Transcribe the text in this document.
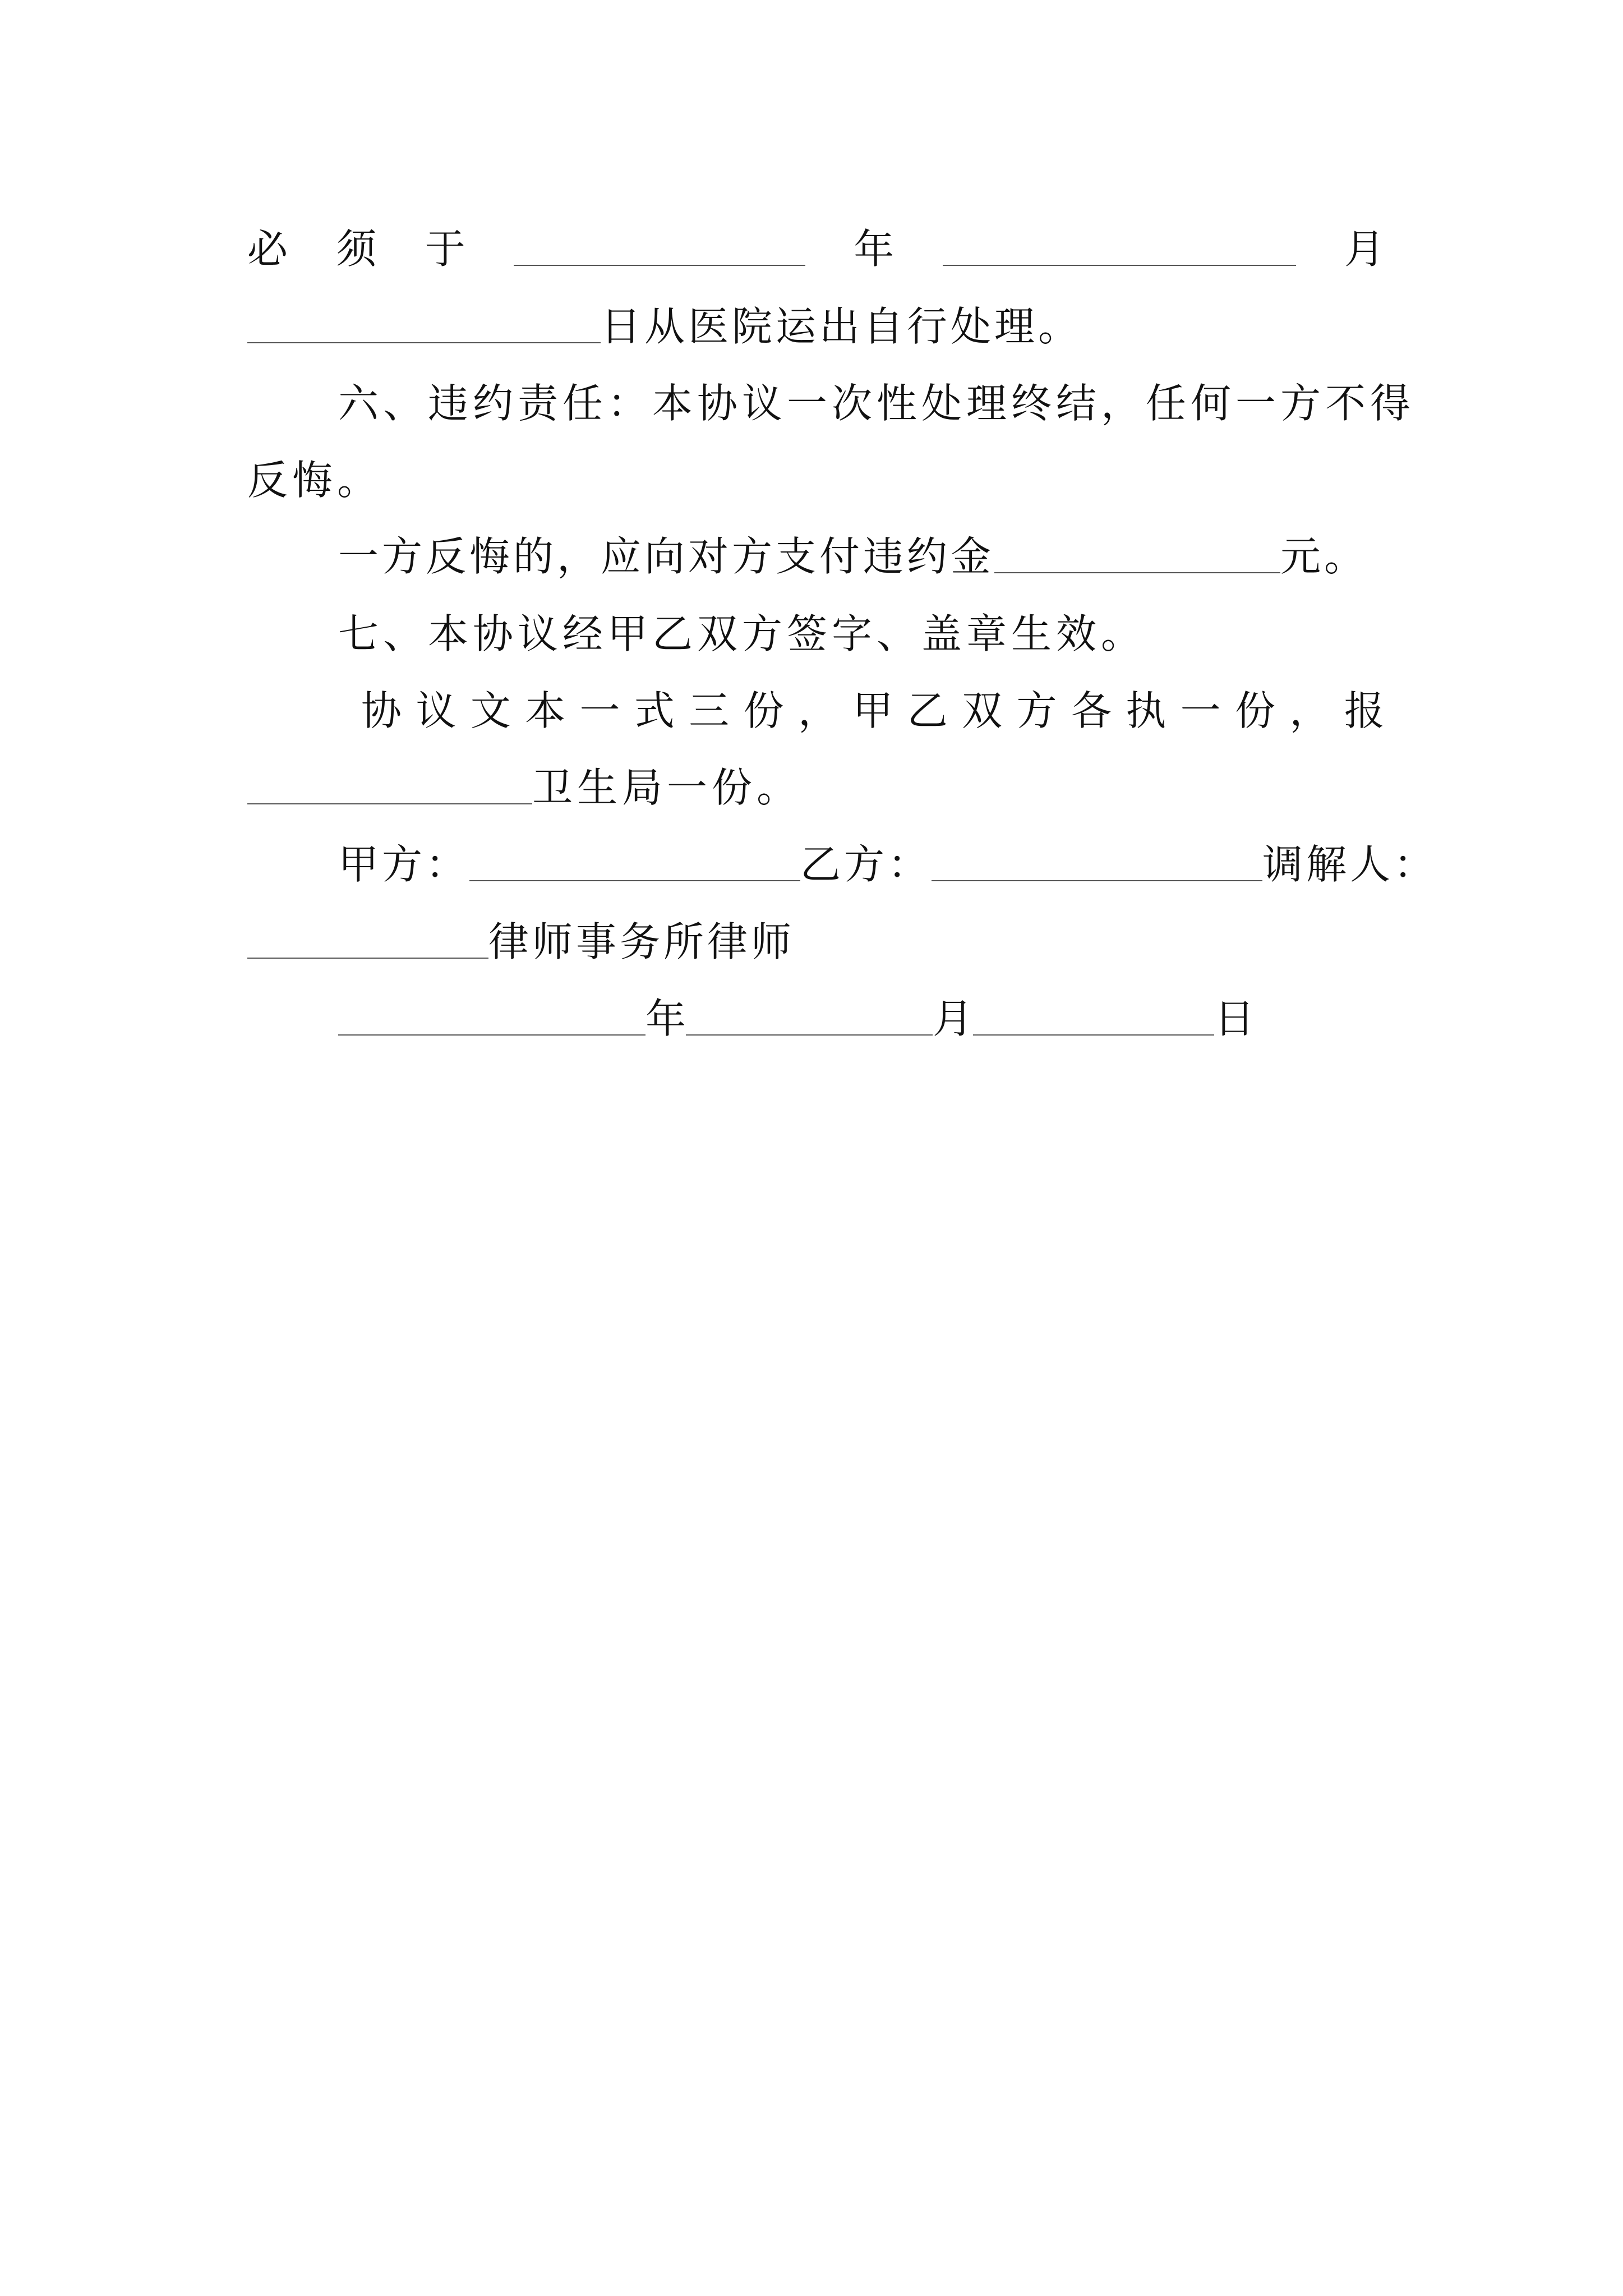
必 须 于	年	月
日从医院运出自行处理。
六、违约责任：本协议一次性处理终结，任何一方不得
反悔。
一方反悔的，应向对方支付违约金	元。
七、本协议经甲乙双方签字、盖章生效。
协 议 文 本 一 式 三 份 ， 甲 乙 双 方 各 执 一 份 ， 报
卫生局一份。
甲方：	乙方：	调解人：
律师事务所律师
年	月	日
